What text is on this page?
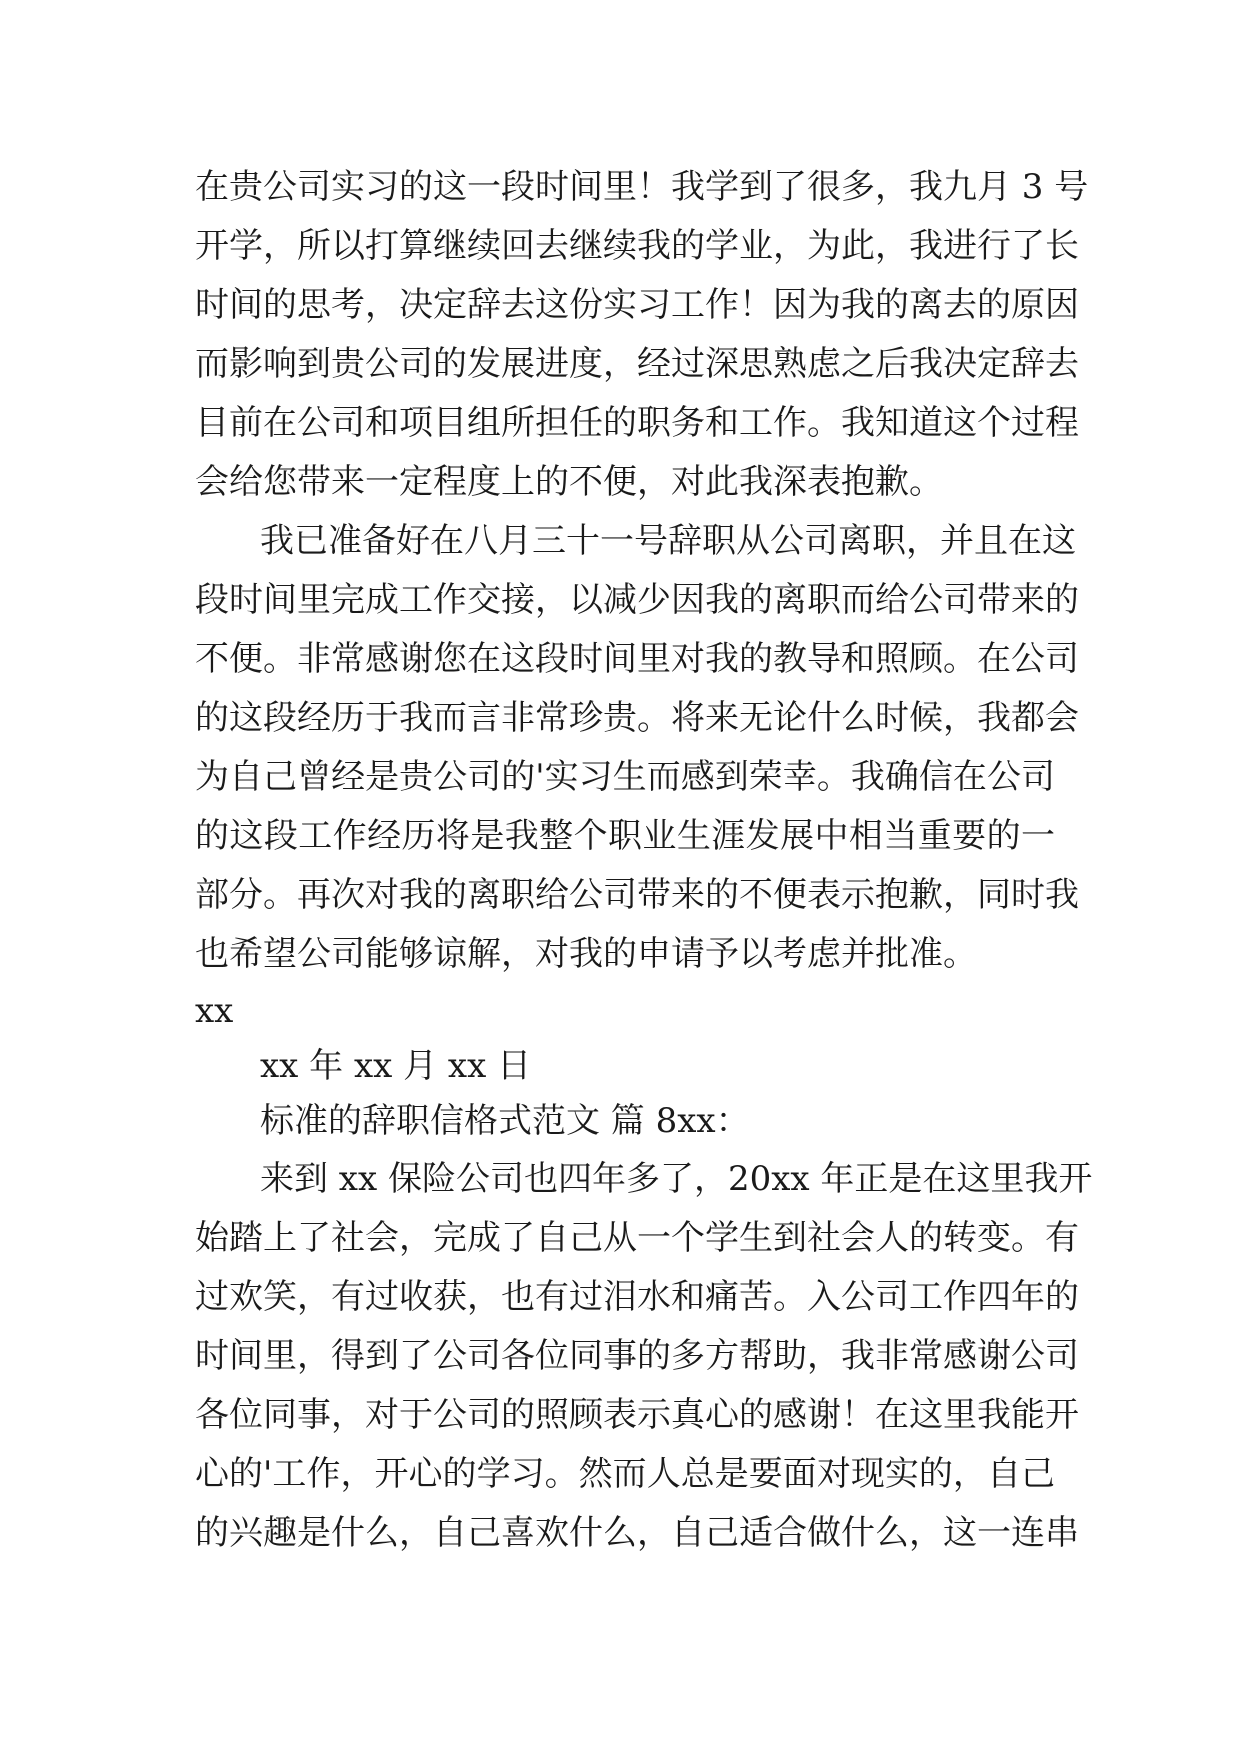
在贵公司实习的这一段时间里！我学到了很多，我九月 3 号
开学，所以打算继续回去继续我的学业，为此，我进行了长
时间的思考，决定辞去这份实习工作！因为我的离去的原因
而影响到贵公司的发展进度，经过深思熟虑之后我决定辞去
目前在公司和项目组所担任的职务和工作。我知道这个过程
会给您带来一定程度上的不便，对此我深表抱歉。
我已准备好在八月三十一号辞职从公司离职，并且在这
段时间里完成工作交接，以减少因我的离职而给公司带来的
不便。非常感谢您在这段时间里对我的教导和照顾。在公司
的这段经历于我而言非常珍贵。将来无论什么时候，我都会
为自己曾经是贵公司的'实习生而感到荣幸。我确信在公司
的这段工作经历将是我整个职业生涯发展中相当重要的一
部分。再次对我的离职给公司带来的不便表示抱歉，同时我
也希望公司能够谅解，对我的申请予以考虑并批准。
xx
xx 年 xx 月 xx 日
标准的辞职信格式范文 篇 8xx：
来到 xx 保险公司也四年多了，20xx 年正是在这里我开
始踏上了社会，完成了自己从一个学生到社会人的转变。有
过欢笑，有过收获，也有过泪水和痛苦。入公司工作四年的
时间里，得到了公司各位同事的多方帮助，我非常感谢公司
各位同事，对于公司的照顾表示真心的感谢！在这里我能开
心的'工作，开心的学习。然而人总是要面对现实的，自己
的兴趣是什么，自己喜欢什么，自己适合做什么，这一连串
